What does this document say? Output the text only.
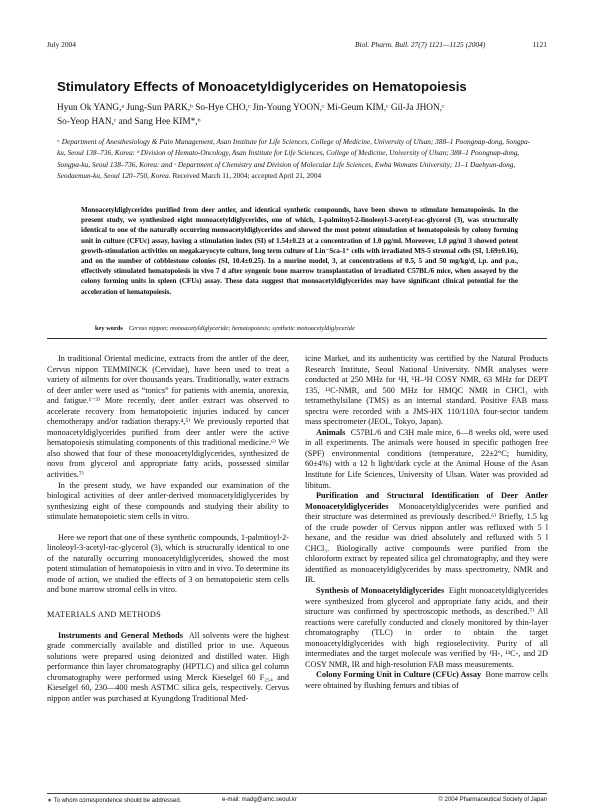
July 2004	Biol. Pharm. Bull. 27(7) 1121—1125 (2004)	1121
Stimulatory Effects of Monoacetyldiglycerides on Hematopoiesis
Hyun Ok YANG,ᵃ Jung-Sun PARK,ᵇ So-Hye CHO,ᶜ Jin-Young YOON,ᶜ Mi-Geum KIM,ᶜ Gil-Ja JHON,ᶜ
So-Yeop HAN,ᶜ and Sang Hee KIM*,ᵇ

ᵃ Department of Anesthesiology & Pain Management, Asan Institute for Life Sciences, College of Medicine, University of Ulsan; 388–1 Poongnap-dong, Songpa-ku, Seoul 138–736, Korea: ᵇ Division of Hemato-Oncology, Asan Institute for Life Sciences, College of Medicine, University of Ulsan; 388–1 Poongnap-dong, Songpa-ku, Seoul 138–736, Korea: and ᶜ Department of Chemistry and Division of Molecular Life Sciences, Ewha Womans University; 11–1 Daehyun-dong, Seodaemun-ku, Seoul 120–750, Korea. Received March 11, 2004; accepted April 21, 2004

Monoacetyldiglycerides purified from deer antler, and identical synthetic compounds, have been shown to stimulate hematopoiesis. In the present study, we synthesized eight monoacetyldiglycerides, one of which, 1-palmitoyl-2-linoleoyl-3-acetyl-rac-glycerol (3), was structurally identical to one of the naturally occurring monoacetyldiglycerides and showed the most potent stimulation of hematopoiesis by colony forming unit in culture (CFUc) assay, having a stimulation index (SI) of 1.54±0.23 at a concentration of 1.0 μg/ml. Moreover, 1.0 μg/ml 3 showed potent growth-stimulation activities on megakaryocyte culture, long term culture of Lin⁻Sca-1⁺ cells with irradiated MS-5 stromal cells (SI, 1.69±0.16), and on the number of cobblestone colonies (SI, 10.4±0.25). In a murine model, 3, at concentrations of 0.5, 5 and 50 mg/kg/d, i.p. and p.o., effectively stimulated hematopoiesis in vivo 7 d after syngenic bone marrow transplantation of irradiated C57BL/6 mice, when assayed by the colony forming units in spleen (CFUs) assay. These data suggest that monoacetyldiglycerides may have significant clinical potential for the acceleration of hematopoiesis.

key words Cervus nippon; monoacetyldiglyceride; hematopoiesis; synthetic monoacetyldiglyceride

In traditional Oriental medicine, extracts from the antler of the deer, Cervus nippon TEMMINCK (Cervidae), have been used to treat a variety of ailments for over thousands years. Traditionally, water extracts of deer antler were used as “tonics” for patients with anemia, anorexia, and fatigue.¹⁻³⁾ More recently, deer antler extract was observed to accelerate recovery from hematopoietic injuries induced by cancer chemotherapy and/or radiation therapy.⁴,⁵⁾ We previously reported that monoacetyldiglycerides purified from deer antler were the active hematopoiesis stimulating components of this traditional medicine.⁶⁾ We also showed that four of these monoacetyldiglycerides, synthesized de novo from glycerol and appropriate fatty acids, possessed similar activities.⁷⁾

In the present study, we have expanded our examination of the biological activities of deer antler-derived monoacetyldiglycerides by synthesizing eight of these compounds and studying their ability to stimulate hematopoietic stem cells in vitro.

Here we report that one of these synthetic compounds, 1-palmitoyl-2-linoleoyl-3-acetyl-rac-glycerol (3), which is structurally identical to one of the naturally occurring monoacetyldiglycerides, showed the most potent stimulation of hematopoiesis in vitro and in vivo. To determine its mode of action, we studied the effects of 3 on hematopoietic stem cells and bone marrow stromal cells in vitro.

MATERIALS AND METHODS

Instruments and General Methods All solvents were the highest grade commercially available and distilled prior to use. Aqueous solutions were prepared using deionized and distilled water. High performance thin layer chromatography (HPTLC) and silica gel column chromatography were performed using Merck Kieselgel 60 F₂₅₄ and Kieselgel 60, 230—400 mesh ASTMC silica gels, respectively. Cervus nippon antler was purchased at Kyungdong Traditional Med-

icine Market, and its authenticity was certified by the Natural Products Research Institute, Seoul National University. NMR analyses were conducted at 250 MHz for ¹H, ¹H–¹H COSY NMR, 63 MHz for DEPT 135, ¹³C-NMR, and 500 MHz for HMQC NMR in CHCl₃ with tetramethylsilane (TMS) as an internal standard. Positive FAB mass spectra were recorded with a JMS-HX 110/110A four-sector tandem mass spectrometer (JEOL, Tokyo, Japan).

Animals C57BL/6 and C3H male mice, 6—8 weeks old, were used in all experiments. The animals were housed in specific pathogen free (SPF) environmental conditions (temperature, 22±2°C; humidity, 60±4%) with a 12 h light/dark cycle at the Animal House of the Asan Institute for Life Sciences, University of Ulsan. Water was provided ad libitum.

Purification and Structural Identification of Deer Antler Monoacetyldiglycerides Monoacetyldiglycerides were purified and their structure was determined as previously described.⁶⁾ Briefly, 1.5 kg of the crude powder of Cervus nippon antler was refluxed with 5 l hexane, and the residue was dried absolutely and refluxed with 5 l CHCl₃. Biologically active compounds were purified from the chloroform extract by repeated silica gel chromatography, and they were identified as monoacetyldiglycerides by mass spectrometry, NMR and IR.

Synthesis of Monoacetyldiglycerides Eight monoacetyldiglycerides were synthesized from glycerol and appropriate fatty acids, and their structure was confirmed by spectroscopic methods, as described.⁷⁾ All reactions were carefully conducted and closely monitored by thin-layer chromatography (TLC) in order to obtain the target monoacetyldiglycerides with high regioselectivity. Purity of all intermediates and the target molecule was verified by ¹H-, ¹³C-, and 2D COSY NMR, IR and high-resolution FAB mass measurements.

Colony Forming Unit in Culture (CFUc) Assay Bone marrow cells were obtained by flushing femurs and tibias of

∗ To whom correspondence should be addressed.	e-mail: madg@amc.seoul.kr	© 2004 Pharmaceutical Society of Japan
